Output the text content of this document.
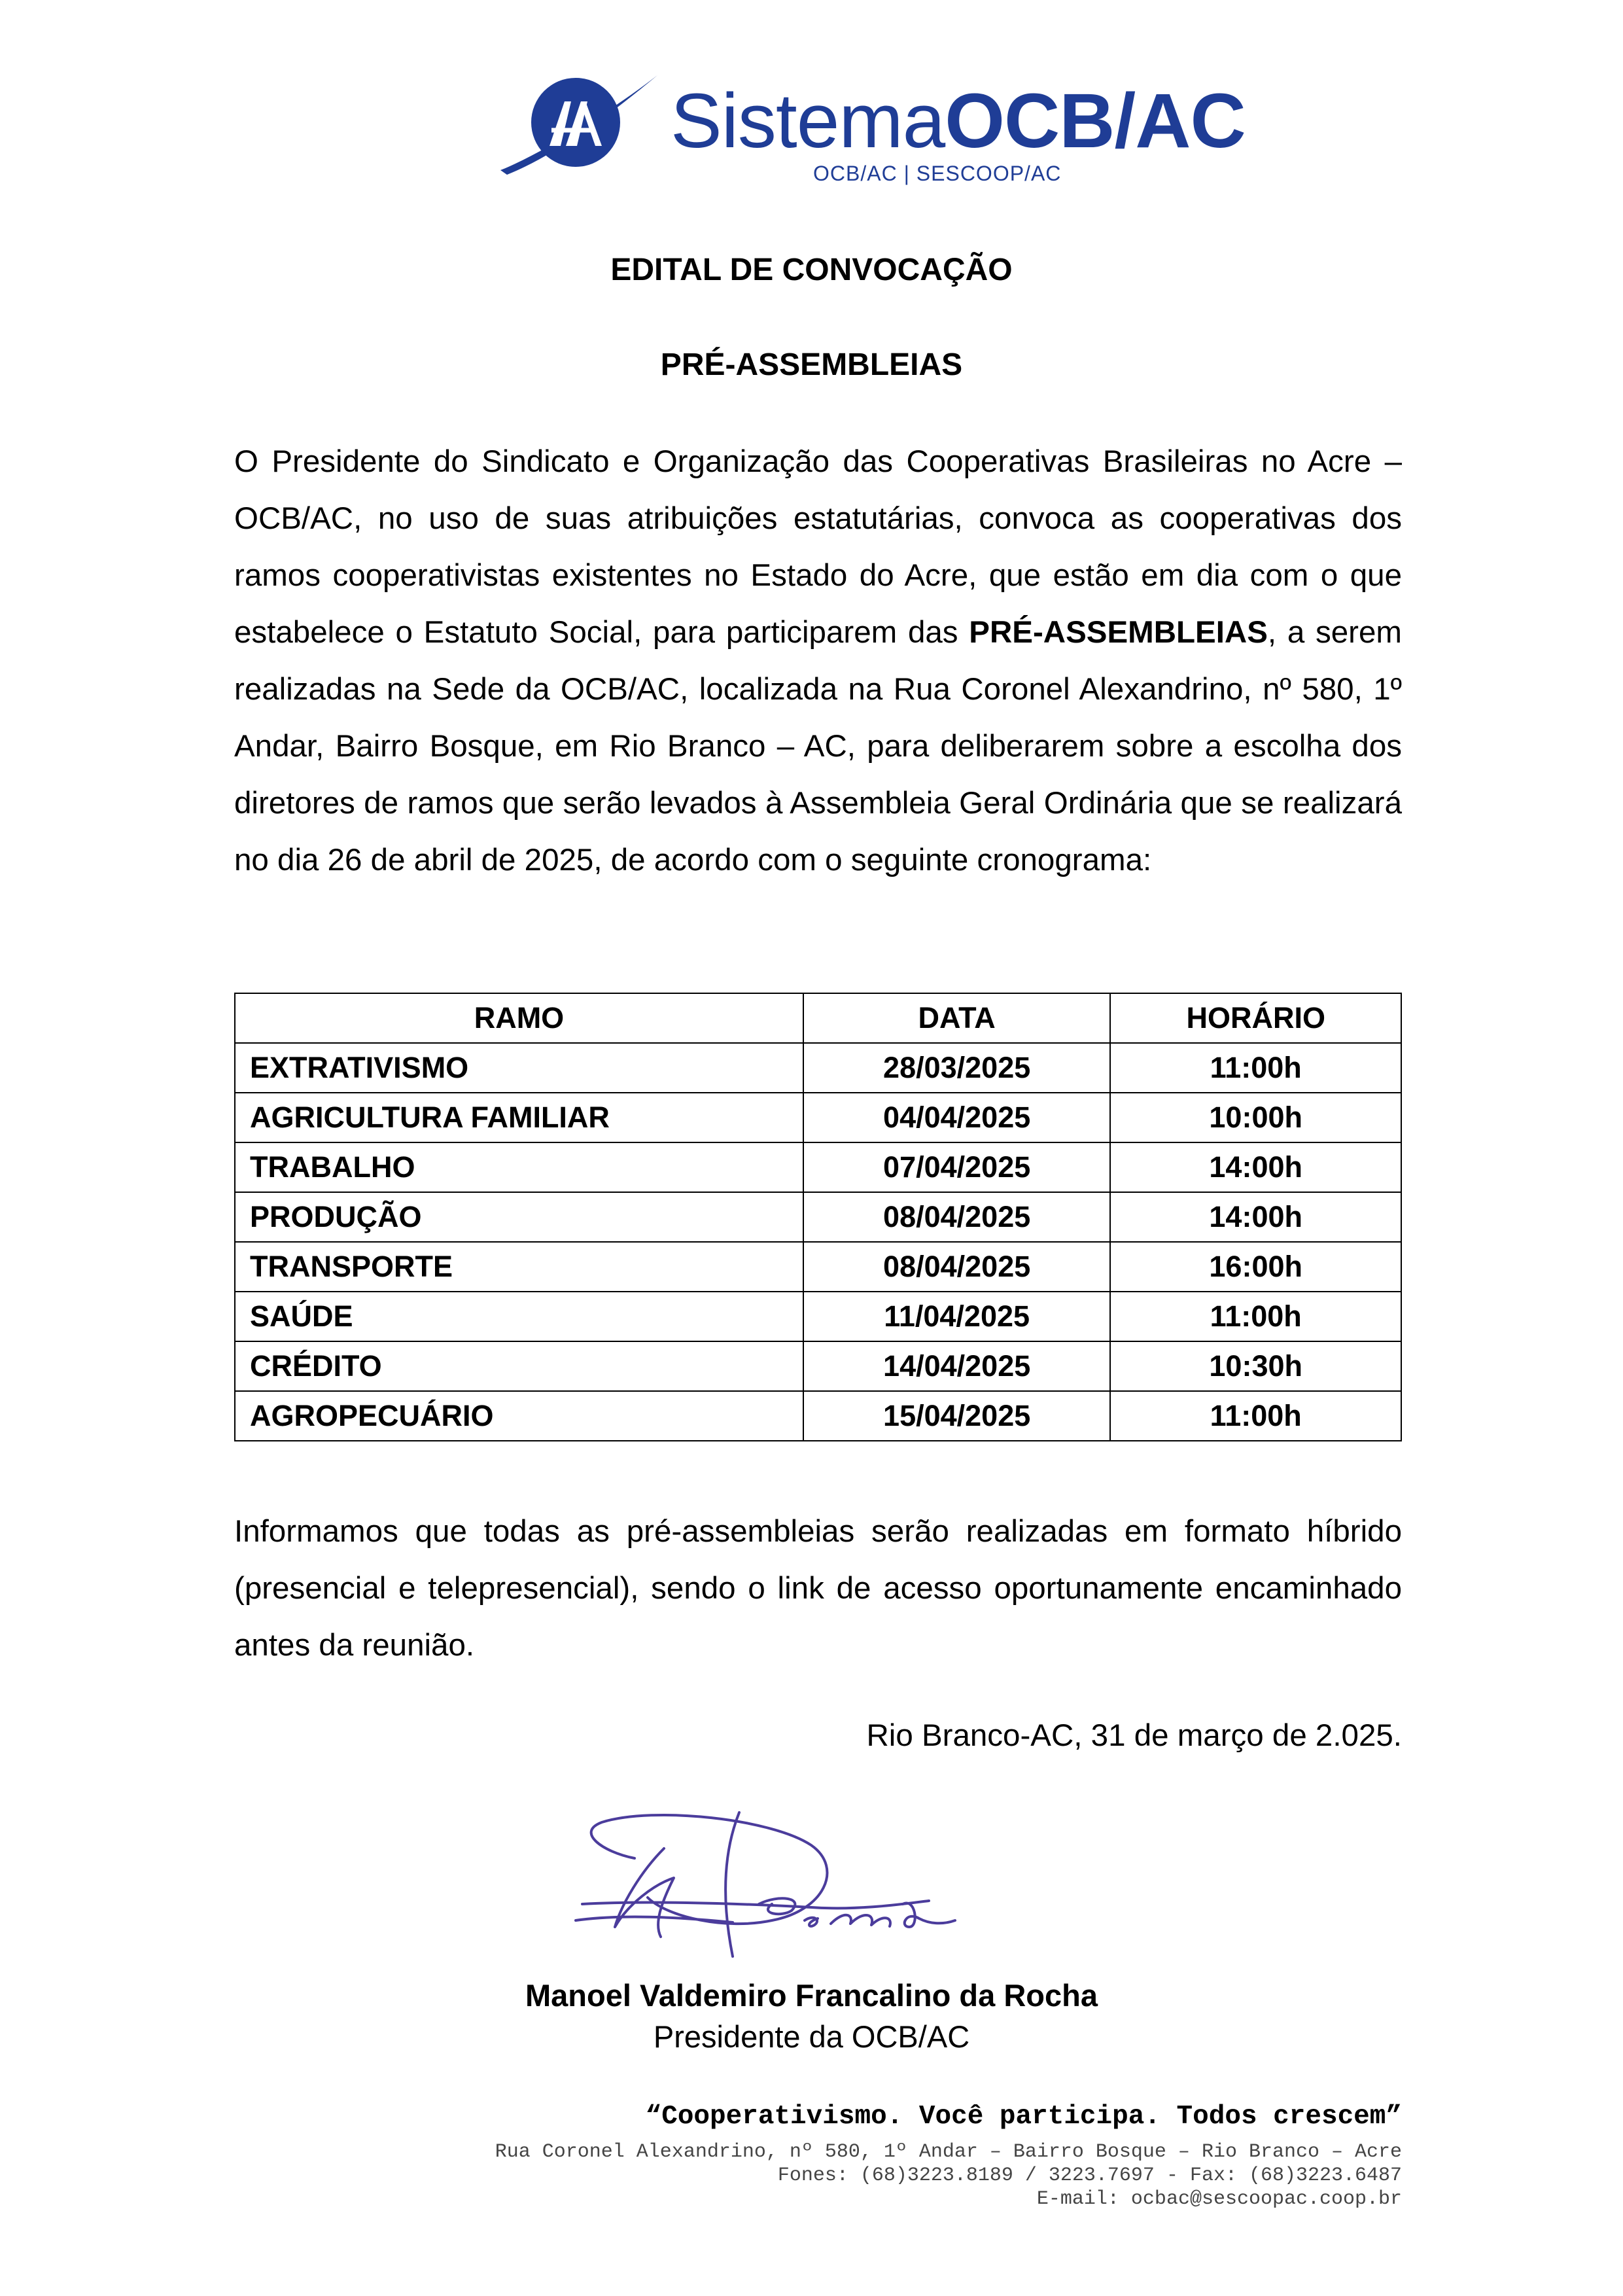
SistemaOCB/AC
OCB/AC | SESCOOP/AC
EDITAL DE CONVOCAÇÃO
PRÉ-ASSEMBLEIAS

O Presidente do Sindicato e Organização das Cooperativas Brasileiras no Acre – OCB/AC, no uso de suas atribuições estatutárias, convoca as cooperativas dos ramos cooperativistas existentes no Estado do Acre, que estão em dia com o que estabelece o Estatuto Social, para participarem das PRÉ-ASSEMBLEIAS, a serem realizadas na Sede da OCB/AC, localizada na Rua Coronel Alexandrino, nº 580, 1º Andar, Bairro Bosque, em Rio Branco – AC, para deliberarem sobre a escolha dos diretores de ramos que serão levados à Assembleia Geral Ordinária que se realizará no dia 26 de abril de 2025, de acordo com o seguinte cronograma:

RAMO	DATA	HORÁRIO
EXTRATIVISMO	28/03/2025	11:00h
AGRICULTURA FAMILIAR	04/04/2025	10:00h
TRABALHO	07/04/2025	14:00h
PRODUÇÃO	08/04/2025	14:00h
TRANSPORTE	08/04/2025	16:00h
SAÚDE	11/04/2025	11:00h
CRÉDITO	14/04/2025	10:30h
AGROPECUÁRIO	15/04/2025	11:00h

Informamos que todas as pré-assembleias serão realizadas em formato híbrido (presencial e telepresencial), sendo o link de acesso oportunamente encaminhado antes da reunião.

Rio Branco-AC, 31 de março de 2.025.
Manoel Valdemiro Francalino da Rocha
Presidente da OCB/AC
“Cooperativismo. Você participa. Todos crescem”
Rua Coronel Alexandrino, nº 580, 1º Andar – Bairro Bosque – Rio Branco – Acre
Fones: (68)3223.8189 / 3223.7697 - Fax: (68)3223.6487
E-mail: ocbac@sescoopac.coop.br
